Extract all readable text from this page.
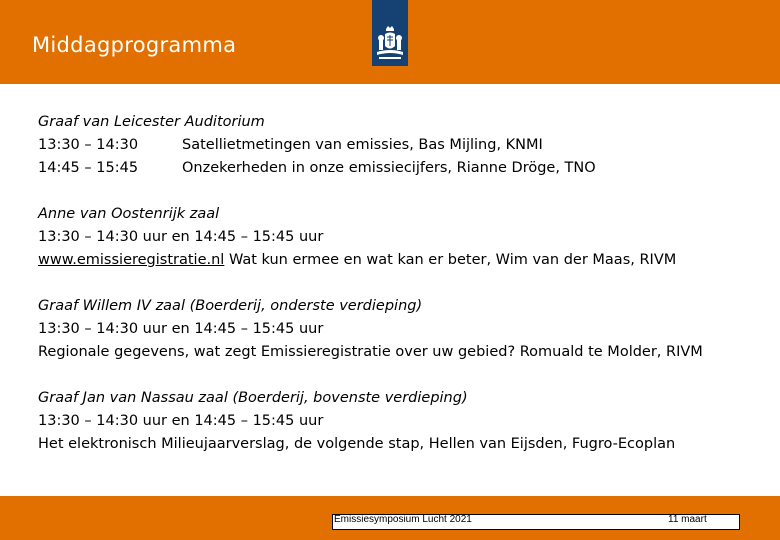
Middagprogramma
Graaf van Leicester Auditorium
13:30 – 14:30	Satellietmetingen van emissies, Bas Mijling, KNMI
14:45 – 15:45	Onzekerheden in onze emissiecijfers, Rianne Dröge, TNO
Anne van Oostenrijk zaal
13:30 – 14:30 uur en 14:45 – 15:45 uur
www.emissieregistratie.nl Wat kun ermee en wat kan er beter, Wim van der Maas, RIVM
Graaf Willem IV zaal (Boerderij, onderste verdieping)
13:30 – 14:30 uur en 14:45 – 15:45 uur
Regionale gegevens, wat zegt Emissieregistratie over uw gebied? Romuald te Molder, RIVM
Graaf Jan van Nassau zaal (Boerderij, bovenste verdieping)
13:30 – 14:30 uur en 14:45 – 15:45 uur
Het elektronisch Milieujaarverslag, de volgende stap, Hellen van Eijsden, Fugro-Ecoplan
Emissiesymposium Lucht 2021	11 maart
